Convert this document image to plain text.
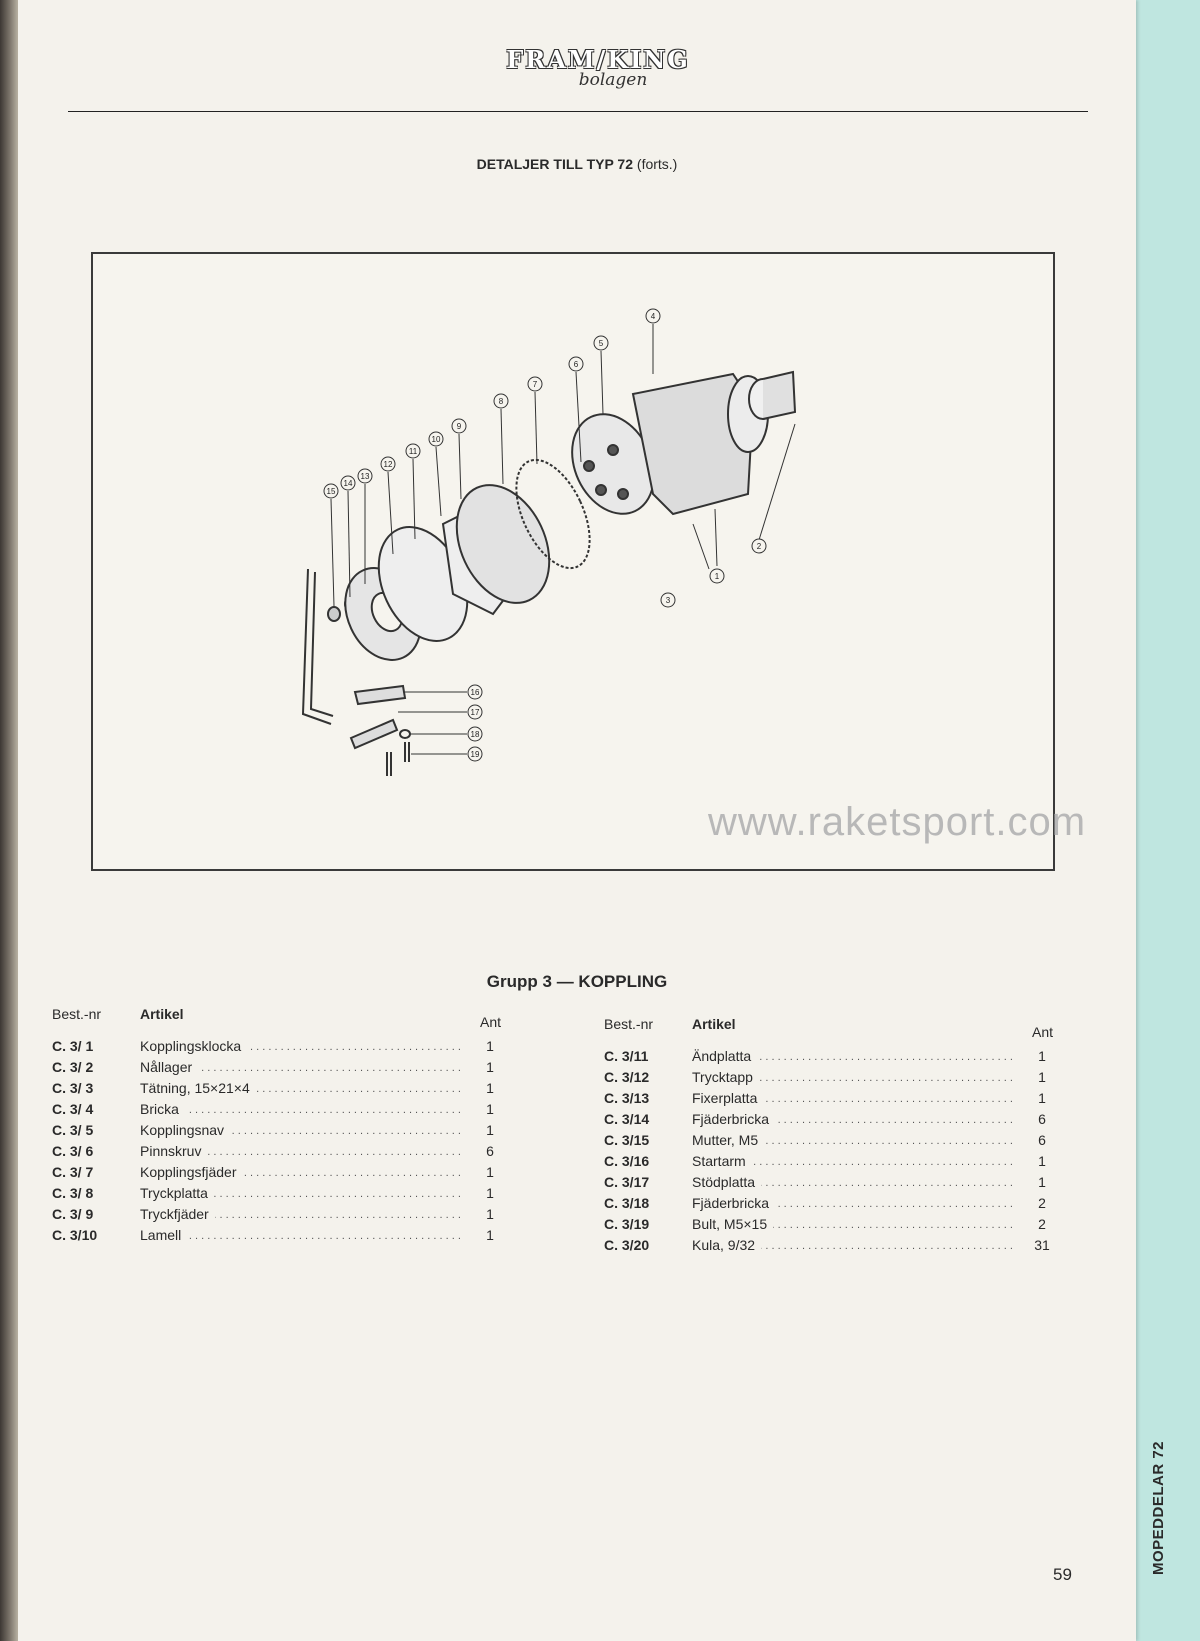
FRAM/KING
bolagen
DETALJER TILL TYP 72 (forts.)
1
2
3
4
5
6
7
8
9
10
11
12
13
14
15
16
17
18
19
www.raketsport.com
Grupp 3 — KOPPLING
Best.-nr	Artikel	Ant
C. 3/ 1	Kopplingsklocka . . .	1
C. 3/ 2	Nållager . . .	1
C. 3/ 3	Tätning, 15×21×4 . . .	1
C. 3/ 4	Bricka . . .	1
C. 3/ 5	Kopplingsnav . . .	1
C. 3/ 6	Pinnskruv . . .	6
C. 3/ 7	Kopplingsfjäder . . .	1
C. 3/ 8	Tryckplatta . . .	1
C. 3/ 9	Tryckfjäder . . .	1
C. 3/10	Lamell . . .	1
Best.-nr	Artikel	Ant
C. 3/11	Ändplatta . . .	1
C. 3/12	Trycktapp . . .	1
C. 3/13	Fixerplatta . . .	1
C. 3/14	Fjäderbricka . . .	6
C. 3/15	Mutter, M5 . . .	6
C. 3/16	Startarm . . .	1
C. 3/17	Stödplatta . . .	1
C. 3/18	Fjäderbricka . . .	2
C. 3/19	Bult, M5×15 . . .	2
C. 3/20	Kula, 9/32 . . .	31
59	MOPEDDELAR 72
